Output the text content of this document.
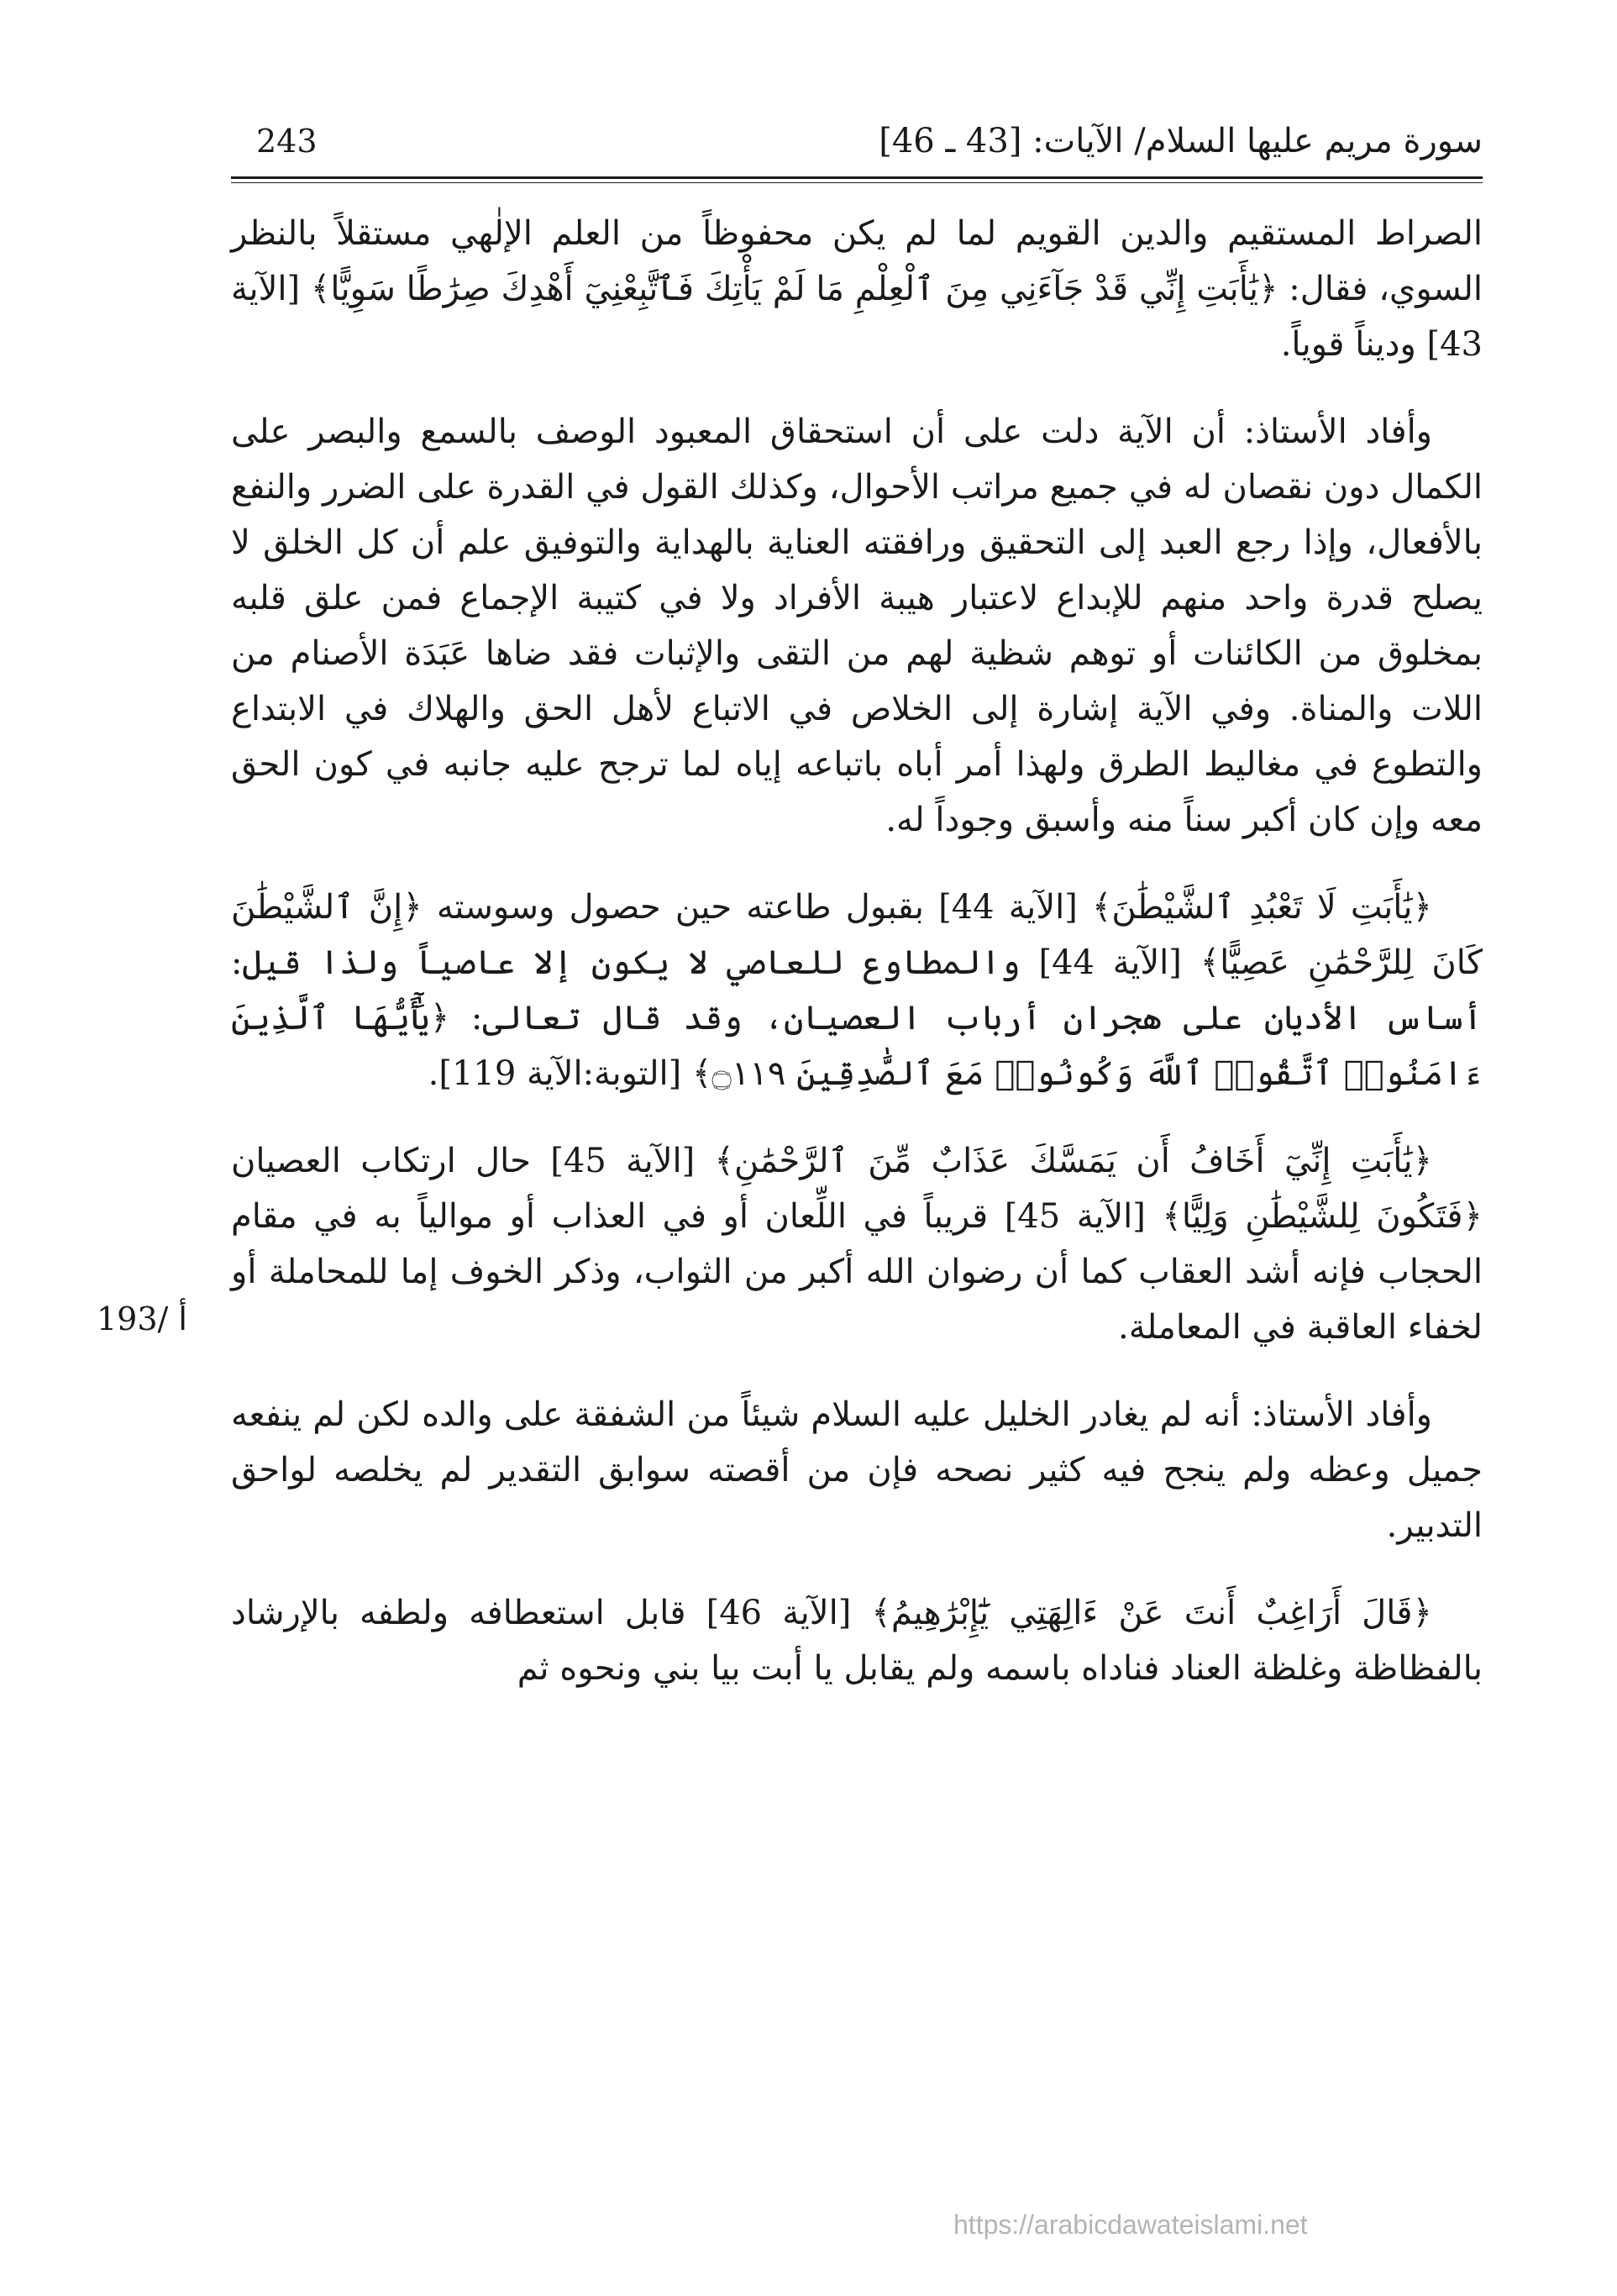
سورة مريم عليها السلام/ الآيات: [43 ـ 46]
243

الصراط المستقيم والدين القويم لما لم يكن محفوظاً من العلم الإلٰهي مستقلاً بالنظر السوي، فقال: ﴿يَٰأَبَتِ إِنِّي قَدْ جَآءَنِي مِنَ ٱلْعِلْمِ مَا لَمْ يَأْتِكَ فَٱتَّبِعْنِيٓ أَهْدِكَ صِرَٰطًا سَوِيًّا﴾ [الآية 43] وديناً قوياً.

وأفاد الأستاذ: أن الآية دلت على أن استحقاق المعبود الوصف بالسمع والبصر على الكمال دون نقصان له في جميع مراتب الأحوال، وكذلك القول في القدرة على الضرر والنفع بالأفعال، وإذا رجع العبد إلى التحقيق ورافقته العناية بالهداية والتوفيق علم أن كل الخلق لا يصلح قدرة واحد منهم للإبداع لاعتبار هيبة الأفراد ولا في كتيبة الإجماع فمن علق قلبه بمخلوق من الكائنات أو توهم شظية لهم من التقى والإثبات فقد ضاها عَبَدَة الأصنام من اللات والمناة. وفي الآية إشارة إلى الخلاص في الاتباع لأهل الحق والهلاك في الابتداع والتطوع في مغاليط الطرق ولهذا أمر أباه باتباعه إياه لما ترجح عليه جانبه في كون الحق معه وإن كان أكبر سناً منه وأسبق وجوداً له.

﴿يَٰأَبَتِ لَا تَعْبُدِ ٱلشَّيْطَٰنَ﴾ [الآية 44] بقبول طاعته حين حصول وسوسته ﴿إِنَّ ٱلشَّيْطَٰنَ كَانَ لِلرَّحْمَٰنِ عَصِيًّا﴾ [الآية 44] والمطاوع للعاصي لا يكون إلا عاصياً ولذا قيل: أساس الأديان على هجران أرباب العصيان، وقد قال تعالى: ﴿يَٰٓأَيُّهَا ٱلَّذِينَ ءَامَنُوا۟ ٱتَّقُوا۟ ٱللَّهَ وَكُونُوا۟ مَعَ ٱلصَّٰدِقِينَ ۝١١٩﴾ [التوبة:الآية 119].

﴿يَٰأَبَتِ إِنِّيٓ أَخَافُ أَن يَمَسَّكَ عَذَابٌ مِّنَ ٱلرَّحْمَٰنِ﴾ [الآية 45] حال ارتكاب العصيان ﴿فَتَكُونَ لِلشَّيْطَٰنِ وَلِيًّا﴾ [الآية 45] قريباً في اللِّعان أو في العذاب أو موالياً به في مقام الحجاب فإنه أشد العقاب كما أن رضوان الله أكبر من الثواب، وذكر الخوف إما للمحاملة أو لخفاء العاقبة في المعاملة.

وأفاد الأستاذ: أنه لم يغادر الخليل عليه السلام شيئاً من الشفقة على والده لكن لم ينفعه جميل وعظه ولم ينجح فيه كثير نصحه فإن من أقصته سوابق التقدير لم يخلصه لواحق التدبير.

﴿قَالَ أَرَاغِبٌ أَنتَ عَنْ ءَالِهَتِي يَٰٓإِبْرَٰهِيمُ﴾ [الآية 46] قابل استعطافه ولطفه بالإرشاد بالفظاظة وغلظة العناد فناداه باسمه ولم يقابل يا أبت بيا بني ونحوه ثم

193/ أ
https://arabicdawateislami.net
